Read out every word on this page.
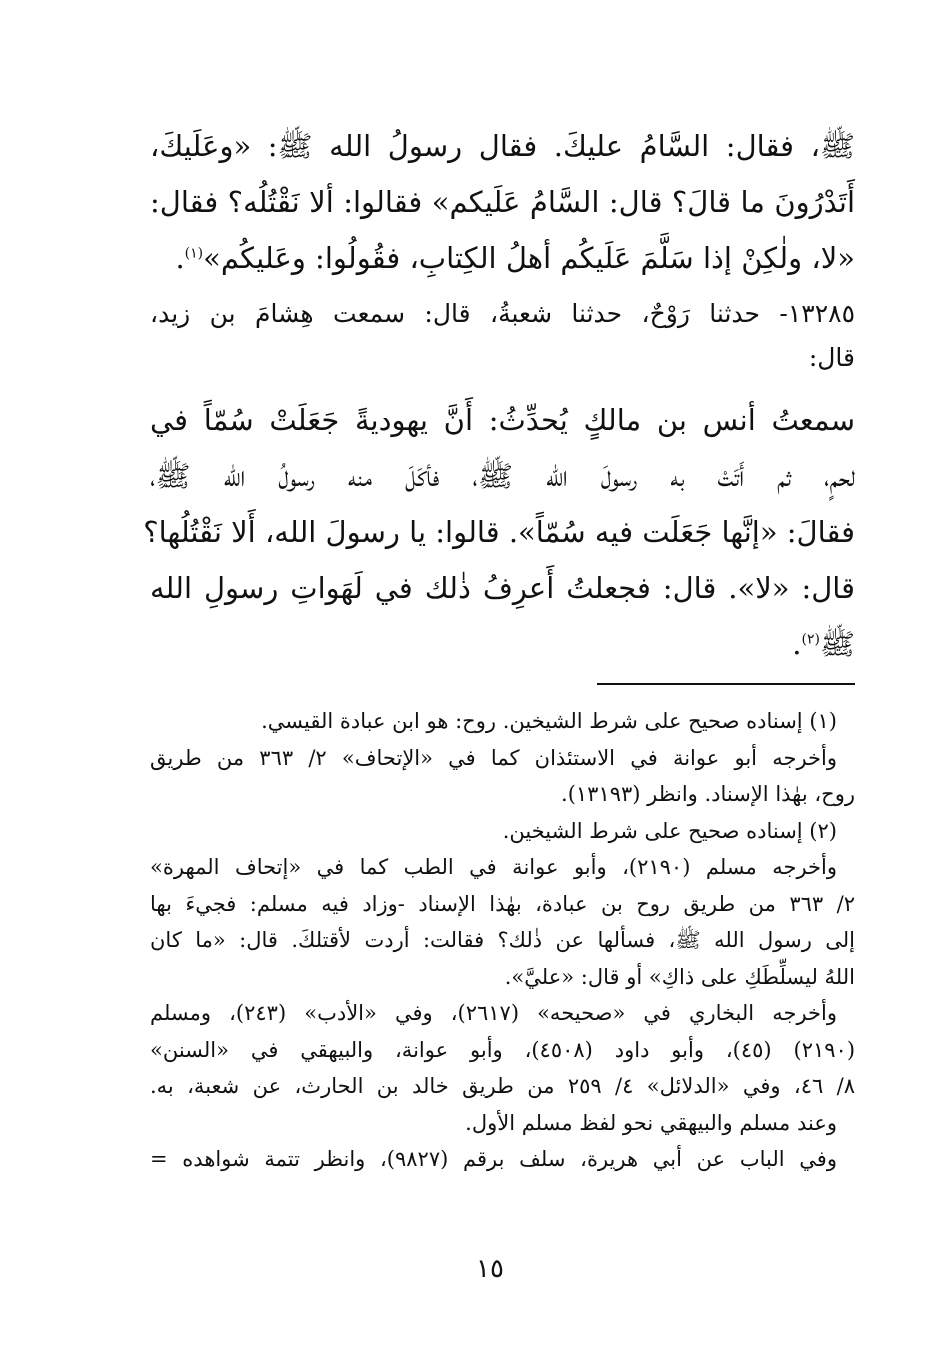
ﷺ، فقال: السَّامُ عليكَ. فقال رسولُ الله ﷺ: «وعَلَيكَ،
أَتَدْرُونَ ما قالَ؟ قال: السَّامُ عَلَيكم» فقالوا: ألا نَقْتُلُه؟ فقال:
«لا، ولٰكِنْ إذا سَلَّمَ عَلَيكُم أهلُ الكِتابِ، فقُولُوا: وعَليكُم»$^{(١)}$.
١٣٢٨٥- حدثنا رَوْحٌ، حدثنا شعبةُ، قال: سمعت هِشامَ بن زيد،
قال:
سمعتُ أنس بن مالكٍ يُحدِّثُ: أَنَّ يهوديةً جَعَلَتْ سُمّاً في
لحمٍ، ثم أَتَتْ به رسولَ الله ﷺ، فأكَلَ منه رسولُ الله ﷺ،
فقالَ: «إنَّها جَعَلَت فيه سُمّاً». قالوا: يا رسولَ الله، أَلا نَقْتُلُها؟
قال: «لا». قال: فجعلتُ أَعرِفُ ذٰلك في لَهَواتِ رسولِ الله
ﷺ$^{(٢)}$.
(١) إسناده صحيح على شرط الشيخين. روح: هو ابن عبادة القيسي.
وأخرجه أبو عوانة في الاستئذان كما في «الإتحاف» ٢/ ٣٦٣ من طريق
روح، بهٰذا الإسناد. وانظر (١٣١٩٣).
(٢) إسناده صحيح على شرط الشيخين.
وأخرجه مسلم (٢١٩٠)، وأبو عوانة في الطب كما في «إتحاف المهرة»
٢/ ٣٦٣ من طريق روح بن عبادة، بهٰذا الإسناد -وزاد فيه مسلم: فجيءَ بها
إلى رسول الله ﷺ، فسألها عن ذٰلك؟ فقالت: أردت لأقتلكَ. قال: «ما كان
اللهُ ليسلِّطَكِ على ذاكِ» أو قال: «عليَّ».
وأخرجه البخاري في «صحيحه» (٢٦١٧)، وفي «الأدب» (٢٤٣)، ومسلم
(٢١٩٠) (٤٥)، وأبو داود (٤٥٠٨)، وأبو عوانة، والبيهقي في «السنن»
٨/ ٤٦، وفي «الدلائل» ٤/ ٢٥٩ من طريق خالد بن الحارث، عن شعبة، به.
وعند مسلم والبيهقي نحو لفظ مسلم الأول.
وفي الباب عن أبي هريرة، سلف برقم (٩٨٢٧)، وانظر تتمة شواهده =
١٥
